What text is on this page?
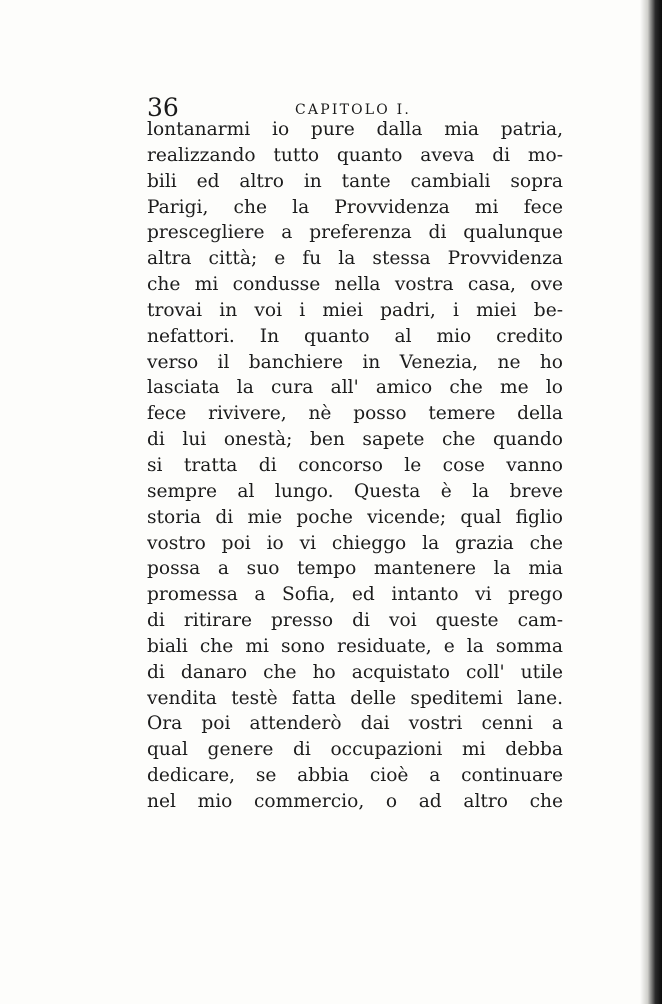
36	CAPITOLO I.
lontanarmi io pure dalla mia patria,
realizzando tutto quanto aveva di mo-
bili ed altro in tante cambiali sopra
Parigi, che la Provvidenza mi fece
prescegliere a preferenza di qualunque
altra città; e fu la stessa Provvidenza
che mi condusse nella vostra casa, ove
trovai in voi i miei padri, i miei be-
nefattori. In quanto al mio credito
verso il banchiere in Venezia, ne ho
lasciata la cura all' amico che me lo
fece rivivere, nè posso temere della
di lui onestà; ben sapete che quando
si tratta di concorso le cose vanno
sempre al lungo. Questa è la breve
storia di mie poche vicende; qual figlio
vostro poi io vi chieggo la grazia che
possa a suo tempo mantenere la mia
promessa a Sofia, ed intanto vi prego
di ritirare presso di voi queste cam-
biali che mi sono residuate, e la somma
di danaro che ho acquistato coll' utile
vendita testè fatta delle speditemi lane.
Ora poi attenderò dai vostri cenni a
qual genere di occupazioni mi debba
dedicare, se abbia cioè a continuare
nel mio commercio, o ad altro che
